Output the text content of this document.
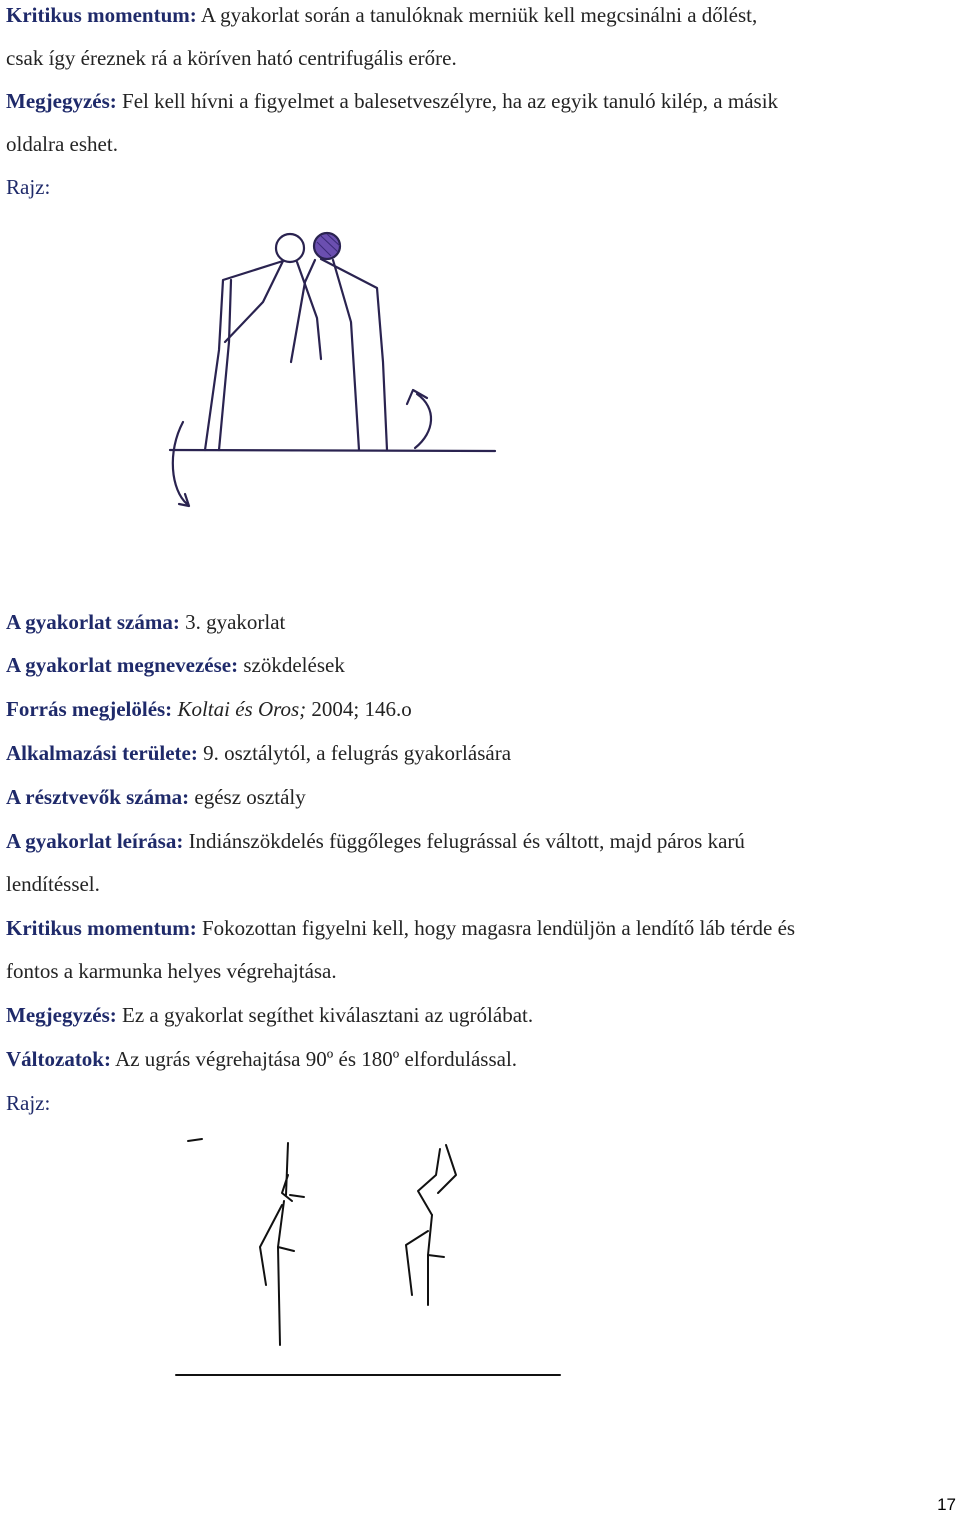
Kritikus momentum: A gyakorlat során a tanulóknak merniük kell megcsinálni a dőlést,
csak így éreznek rá a köríven ható centrifugális erőre.
Megjegyzés: Fel kell hívni a figyelmet a balesetveszélyre, ha az egyik tanuló kilép, a másik
oldalra eshet.
Rajz:
A gyakorlat száma: 3. gyakorlat
A gyakorlat megnevezése: szökdelések
Forrás megjelölés: Koltai és Oros; 2004; 146.o
Alkalmazási területe: 9. osztálytól, a felugrás gyakorlására
A résztvevők száma: egész osztály
A gyakorlat leírása: Indiánszökdelés függőleges felugrással és váltott, majd páros karú
lendítéssel.
Kritikus momentum: Fokozottan figyelni kell, hogy magasra lendüljön a lendítő láb térde és
fontos a karmunka helyes végrehajtása.
Megjegyzés: Ez a gyakorlat segíthet kiválasztani az ugrólábat.
Változatok: Az ugrás végrehajtása 90º és 180º elfordulással.
Rajz:
17
